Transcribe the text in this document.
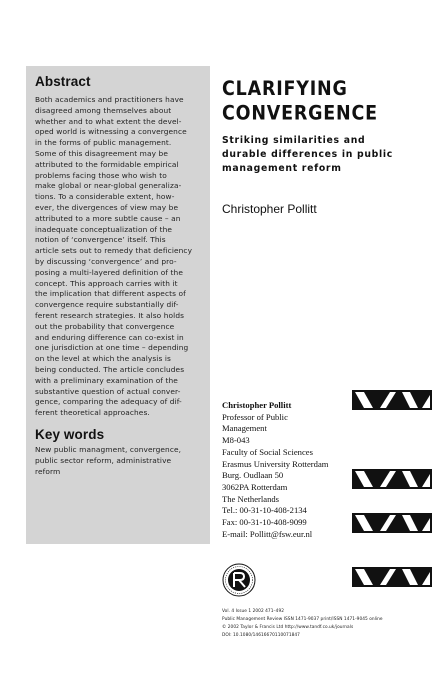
Abstract
Both academics and practitioners have
disagreed among themselves about
whether and to what extent the devel-
oped world is witnessing a convergence
in the forms of public management.
Some of this disagreement may be
attributed to the formidable empirical
problems facing those who wish to
make global or near-global generaliza-
tions. To a considerable extent, how-
ever, the divergences of view may be
attributed to a more subtle cause – an
inadequate conceptualization of the
notion of ‘convergence’ itself. This
article sets out to remedy that deficiency
by discussing ‘convergence’ and pro-
posing a multi-layered definition of the
concept. This approach carries with it
the implication that different aspects of
convergence require substantially dif-
ferent research strategies. It also holds
out the probability that convergence
and enduring difference can co-exist in
one jurisdiction at one time – depending
on the level at which the analysis is
being conducted. The article concludes
with a preliminary examination of the
substantive question of actual conver-
gence, comparing the adequacy of dif-
ferent theoretical approaches.
Key words
New public managment, convergence,
public sector reform, administrative
reform
CLARIFYING
CONVERGENCE
Striking similarities and
durable differences in public
management reform
Christopher Pollitt
Christopher Pollitt
Professor of Public
Management
M8-043
Faculty of Social Sciences
Erasmus University Rotterdam
Burg. Oudlaan 50
3062PA Rotterdam
The Netherlands
Tel.: 00-31-10-408-2134
Fax: 00-31-10-408-9099
E-mail: Pollitt@fsw.eur.nl
Vol. 4 Issue 1 2002 471–492
Public Management Review ISSN 1471-9037 print/ISSN 1471-9045 online
© 2002 Taylor & Francis Ltd http://www.tandf.co.uk/journals
DOI: 10.1080/14616670110071847
